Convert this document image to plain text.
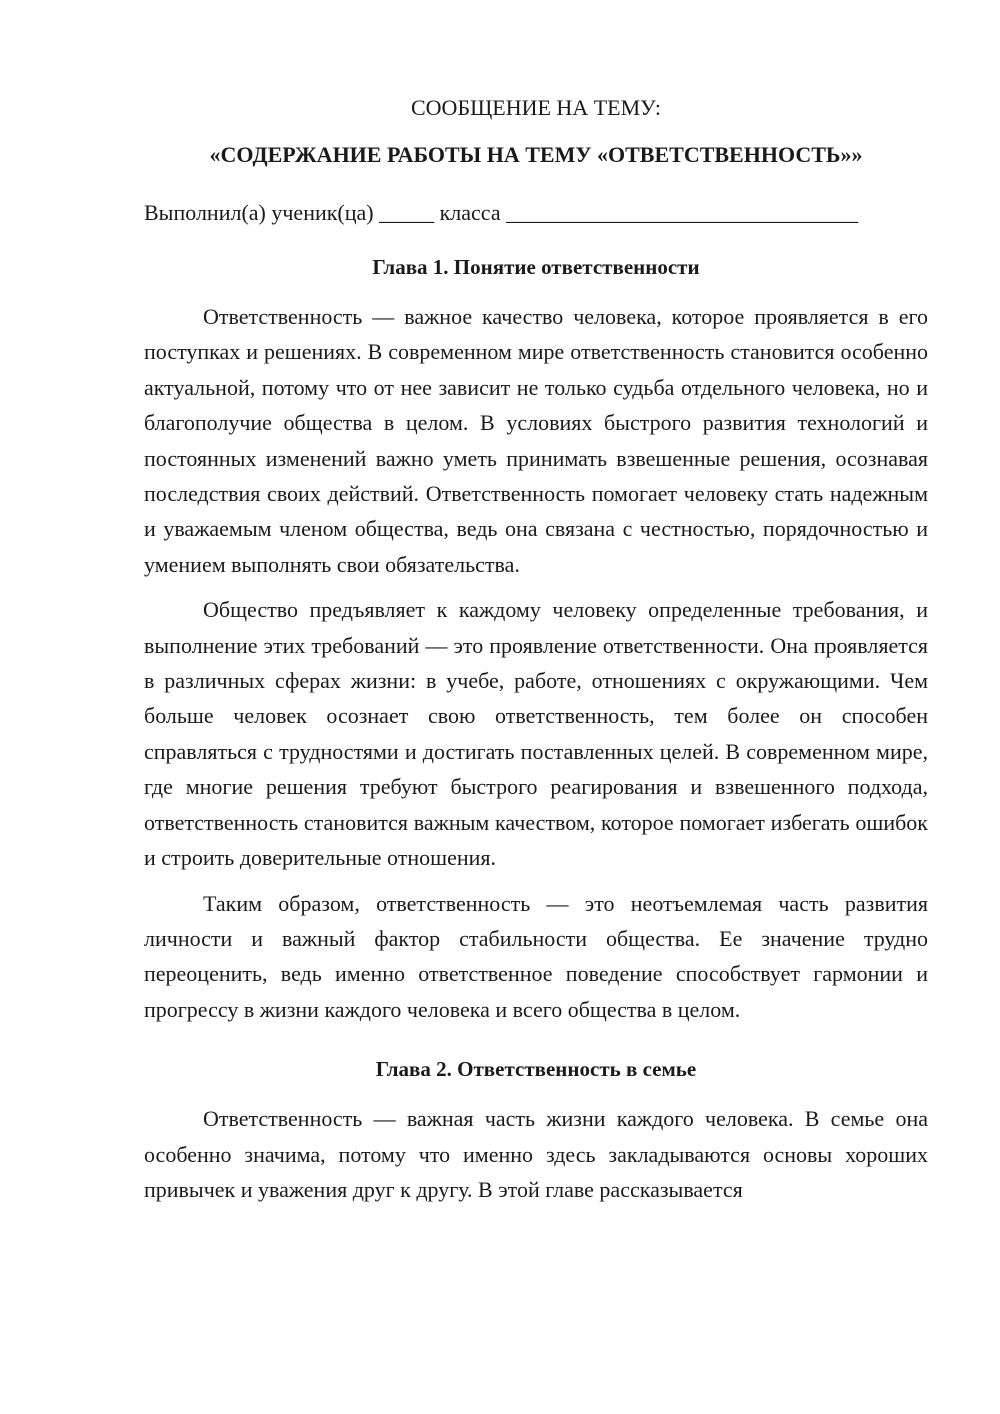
СООБЩЕНИЕ НА ТЕМУ:

«СОДЕРЖАНИЕ РАБОТЫ НА ТЕМУ «ОТВЕТСТВЕННОСТЬ»»

Выполнил(а) ученик(ца) _____ класса ________________________________
Глава 1. Понятие ответственности

Ответственность — важное качество человека, которое проявляется в его поступках и решениях. В современном мире ответственность становится особенно актуальной, потому что от нее зависит не только судьба отдельного человека, но и благополучие общества в целом. В условиях быстрого развития технологий и постоянных изменений важно уметь принимать взвешенные решения, осознавая последствия своих действий. Ответственность помогает человеку стать надежным и уважаемым членом общества, ведь она связана с честностью, порядочностью и умением выполнять свои обязательства.

Общество предъявляет к каждому человеку определенные требования, и выполнение этих требований — это проявление ответственности. Она проявляется в различных сферах жизни: в учебе, работе, отношениях с окружающими. Чем больше человек осознает свою ответственность, тем более он способен справляться с трудностями и достигать поставленных целей. В современном мире, где многие решения требуют быстрого реагирования и взвешенного подхода, ответственность становится важным качеством, которое помогает избегать ошибок и строить доверительные отношения.

Таким образом, ответственность — это неотъемлемая часть развития личности и важный фактор стабильности общества. Ее значение трудно переоценить, ведь именно ответственное поведение способствует гармонии и прогрессу в жизни каждого человека и всего общества в целом.

Глава 2. Ответственность в семье

Ответственность — важная часть жизни каждого человека. В семье она особенно значима, потому что именно здесь закладываются основы хороших привычек и уважения друг к другу. В этой главе рассказывается
